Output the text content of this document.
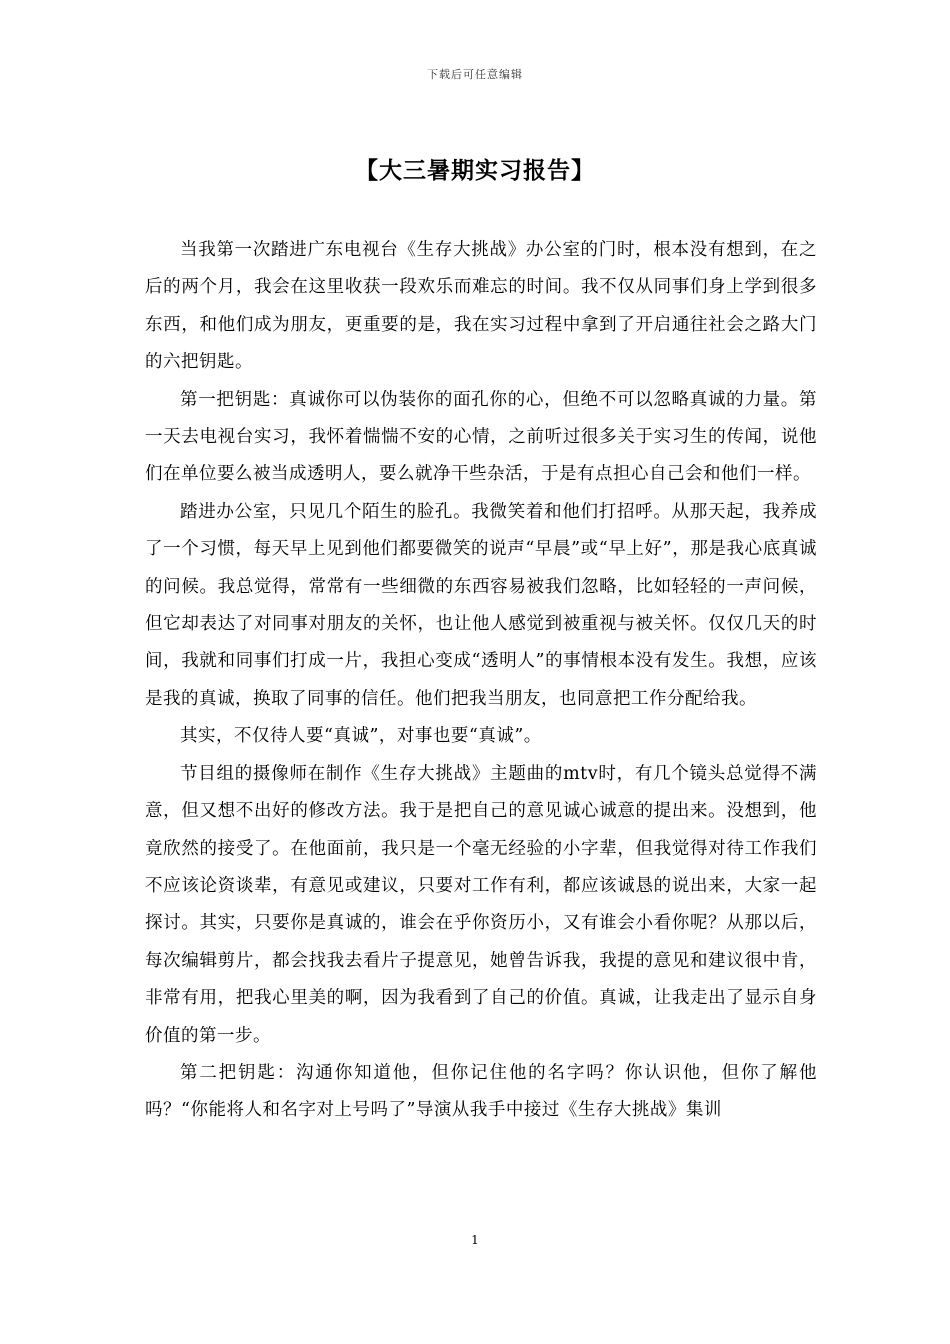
下载后可任意编辑
【大三暑期实习报告】

当我第一次踏进广东电视台《生存大挑战》办公室的门时，根本没有想到，在之后的两个月，我会在这里收获一段欢乐而难忘的时间。我不仅从同事们身上学到很多东西，和他们成为朋友，更重要的是，我在实习过程中拿到了开启通往社会之路大门的六把钥匙。

第一把钥匙：真诚你可以伪装你的面孔你的心，但绝不可以忽略真诚的力量。第一天去电视台实习，我怀着惴惴不安的心情，之前听过很多关于实习生的传闻，说他们在单位要么被当成透明人，要么就净干些杂活，于是有点担心自己会和他们一样。

踏进办公室，只见几个陌生的脸孔。我微笑着和他们打招呼。从那天起，我养成了一个习惯，每天早上见到他们都要微笑的说声“早晨”或“早上好”，那是我心底真诚的问候。我总觉得，常常有一些细微的东西容易被我们忽略，比如轻轻的一声问候，但它却表达了对同事对朋友的关怀，也让他人感觉到被重视与被关怀。仅仅几天的时间，我就和同事们打成一片，我担心变成“透明人”的事情根本没有发生。我想，应该是我的真诚，换取了同事的信任。他们把我当朋友，也同意把工作分配给我。

其实，不仅待人要“真诚”，对事也要“真诚”。

节目组的摄像师在制作《生存大挑战》主题曲的mtv时，有几个镜头总觉得不满意，但又想不出好的修改方法。我于是把自己的意见诚心诚意的提出来。没想到，他竟欣然的接受了。在他面前，我只是一个毫无经验的小字辈，但我觉得对待工作我们不应该论资谈辈，有意见或建议，只要对工作有利，都应该诚恳的说出来，大家一起探讨。其实，只要你是真诚的，谁会在乎你资历小，又有谁会小看你呢？从那以后，每次编辑剪片，都会找我去看片子提意见，她曾告诉我，我提的意见和建议很中肯，非常有用，把我心里美的啊，因为我看到了自己的价值。真诚，让我走出了显示自身价值的第一步。

第二把钥匙：沟通你知道他，但你记住他的名字吗？你认识他，但你了解他吗？“你能将人和名字对上号吗了”导演从我手中接过《生存大挑战》集训

1
